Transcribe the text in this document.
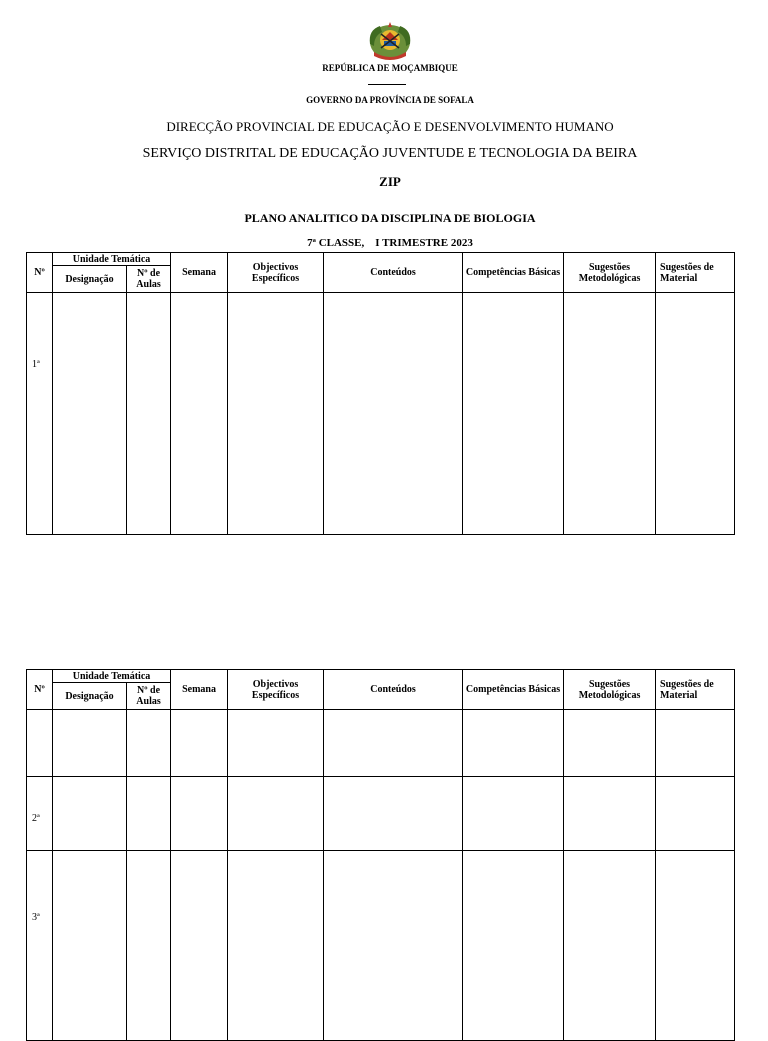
REPÚBLICA DE MOÇAMBIQUE
GOVERNO DA PROVÍNCIA DE SOFALA
DIRECÇÃO PROVINCIAL DE EDUCAÇÃO E DESENVOLVIMENTO HUMANO
SERVIÇO DISTRITAL DE EDUCAÇÃO JUVENTUDE E TECNOLOGIA DA BEIRA
ZIP
PLANO ANALITICO DA DISCIPLINA DE BIOLOGIA
7ª CLASSE,    I TRIMESTRE 2023
Nº	Unidade Temática		Semana	Objectivos Específicos	Conteúdos	Competências Básicas	Sugestões Metodológicas	Sugestões de Material
	Designação	Nº de Aulas						
1ª								
Nº	Unidade Temática		Semana	Objectivos Específicos	Conteúdos	Competências Básicas	Sugestões Metodológicas	Sugestões de Material
	Designação	Nº de Aulas						

2ª								
3ª								
